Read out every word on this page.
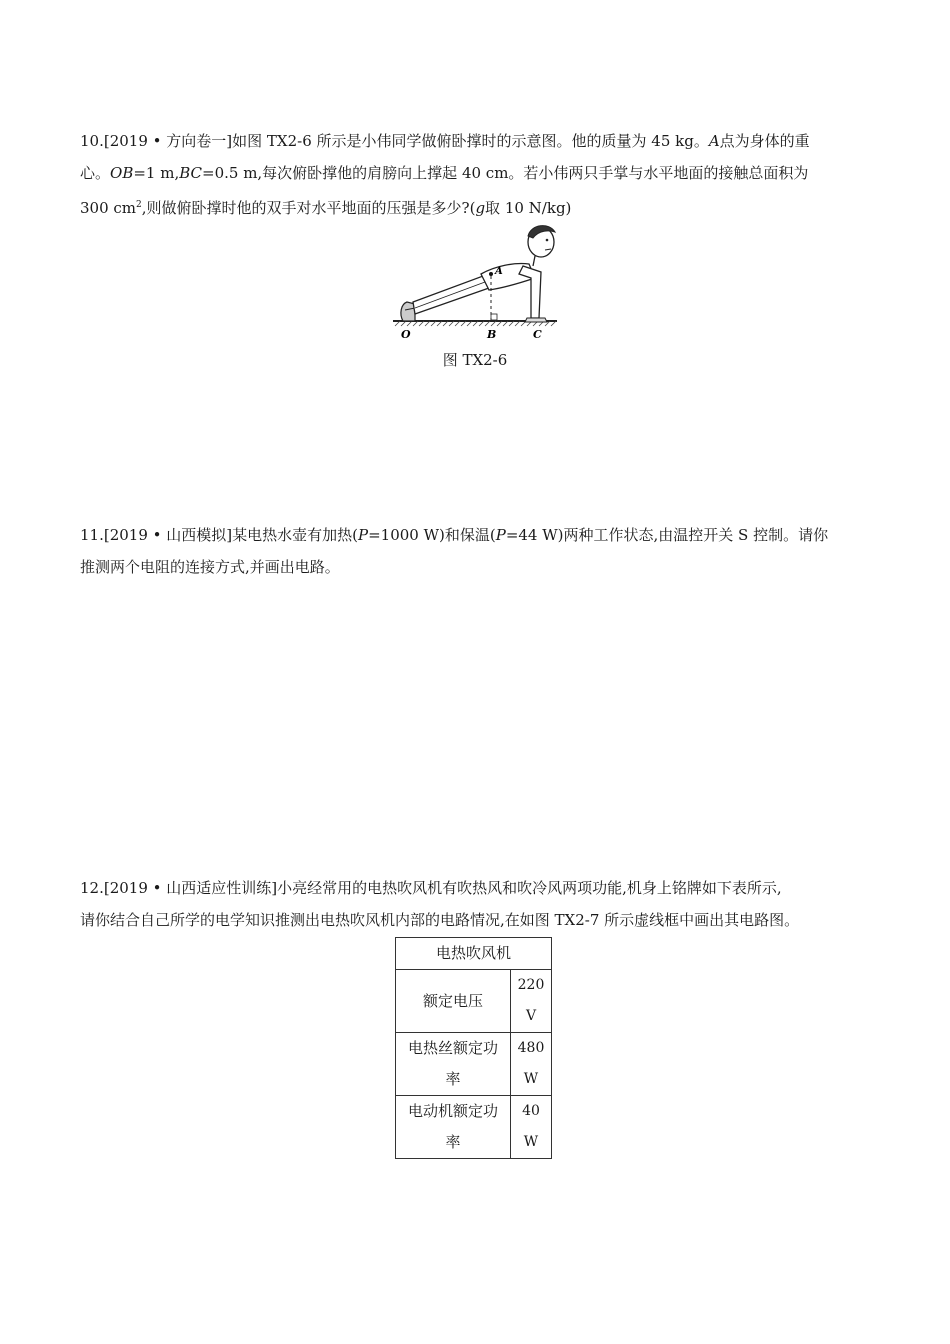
10.[2019 • 方向卷一]如图 TX2-6 所示是小伟同学做俯卧撑时的示意图。他的质量为 45 kg。A点为身体的重

心。OB=1 m,BC=0.5 m,每次俯卧撑他的肩膀向上撑起 40 cm。若小伟两只手掌与水平地面的接触总面积为

300 $cm^2$,则做俯卧撑时他的双手对水平地面的压强是多少?(g取 10 N/kg)

A
O	B	C
图 TX2-6

11.[2019 • 山西模拟]某电热水壶有加热(P=1000 W)和保温(P=44 W)两种工作状态,由温控开关 S 控制。请你

推测两个电阻的连接方式,并画出电路。

12.[2019 • 山西适应性训练]小亮经常用的电热吹风机有吹热风和吹冷风两项功能,机身上铭牌如下表所示,

请你结合自己所学的电学知识推测出电热吹风机内部的电路情况,在如图 TX2-7 所示虚线框中画出其电路图。

电热吹风机	

额定电压	220 V

电热丝额定功
率	480 W

电动机额定功
率	40 W
